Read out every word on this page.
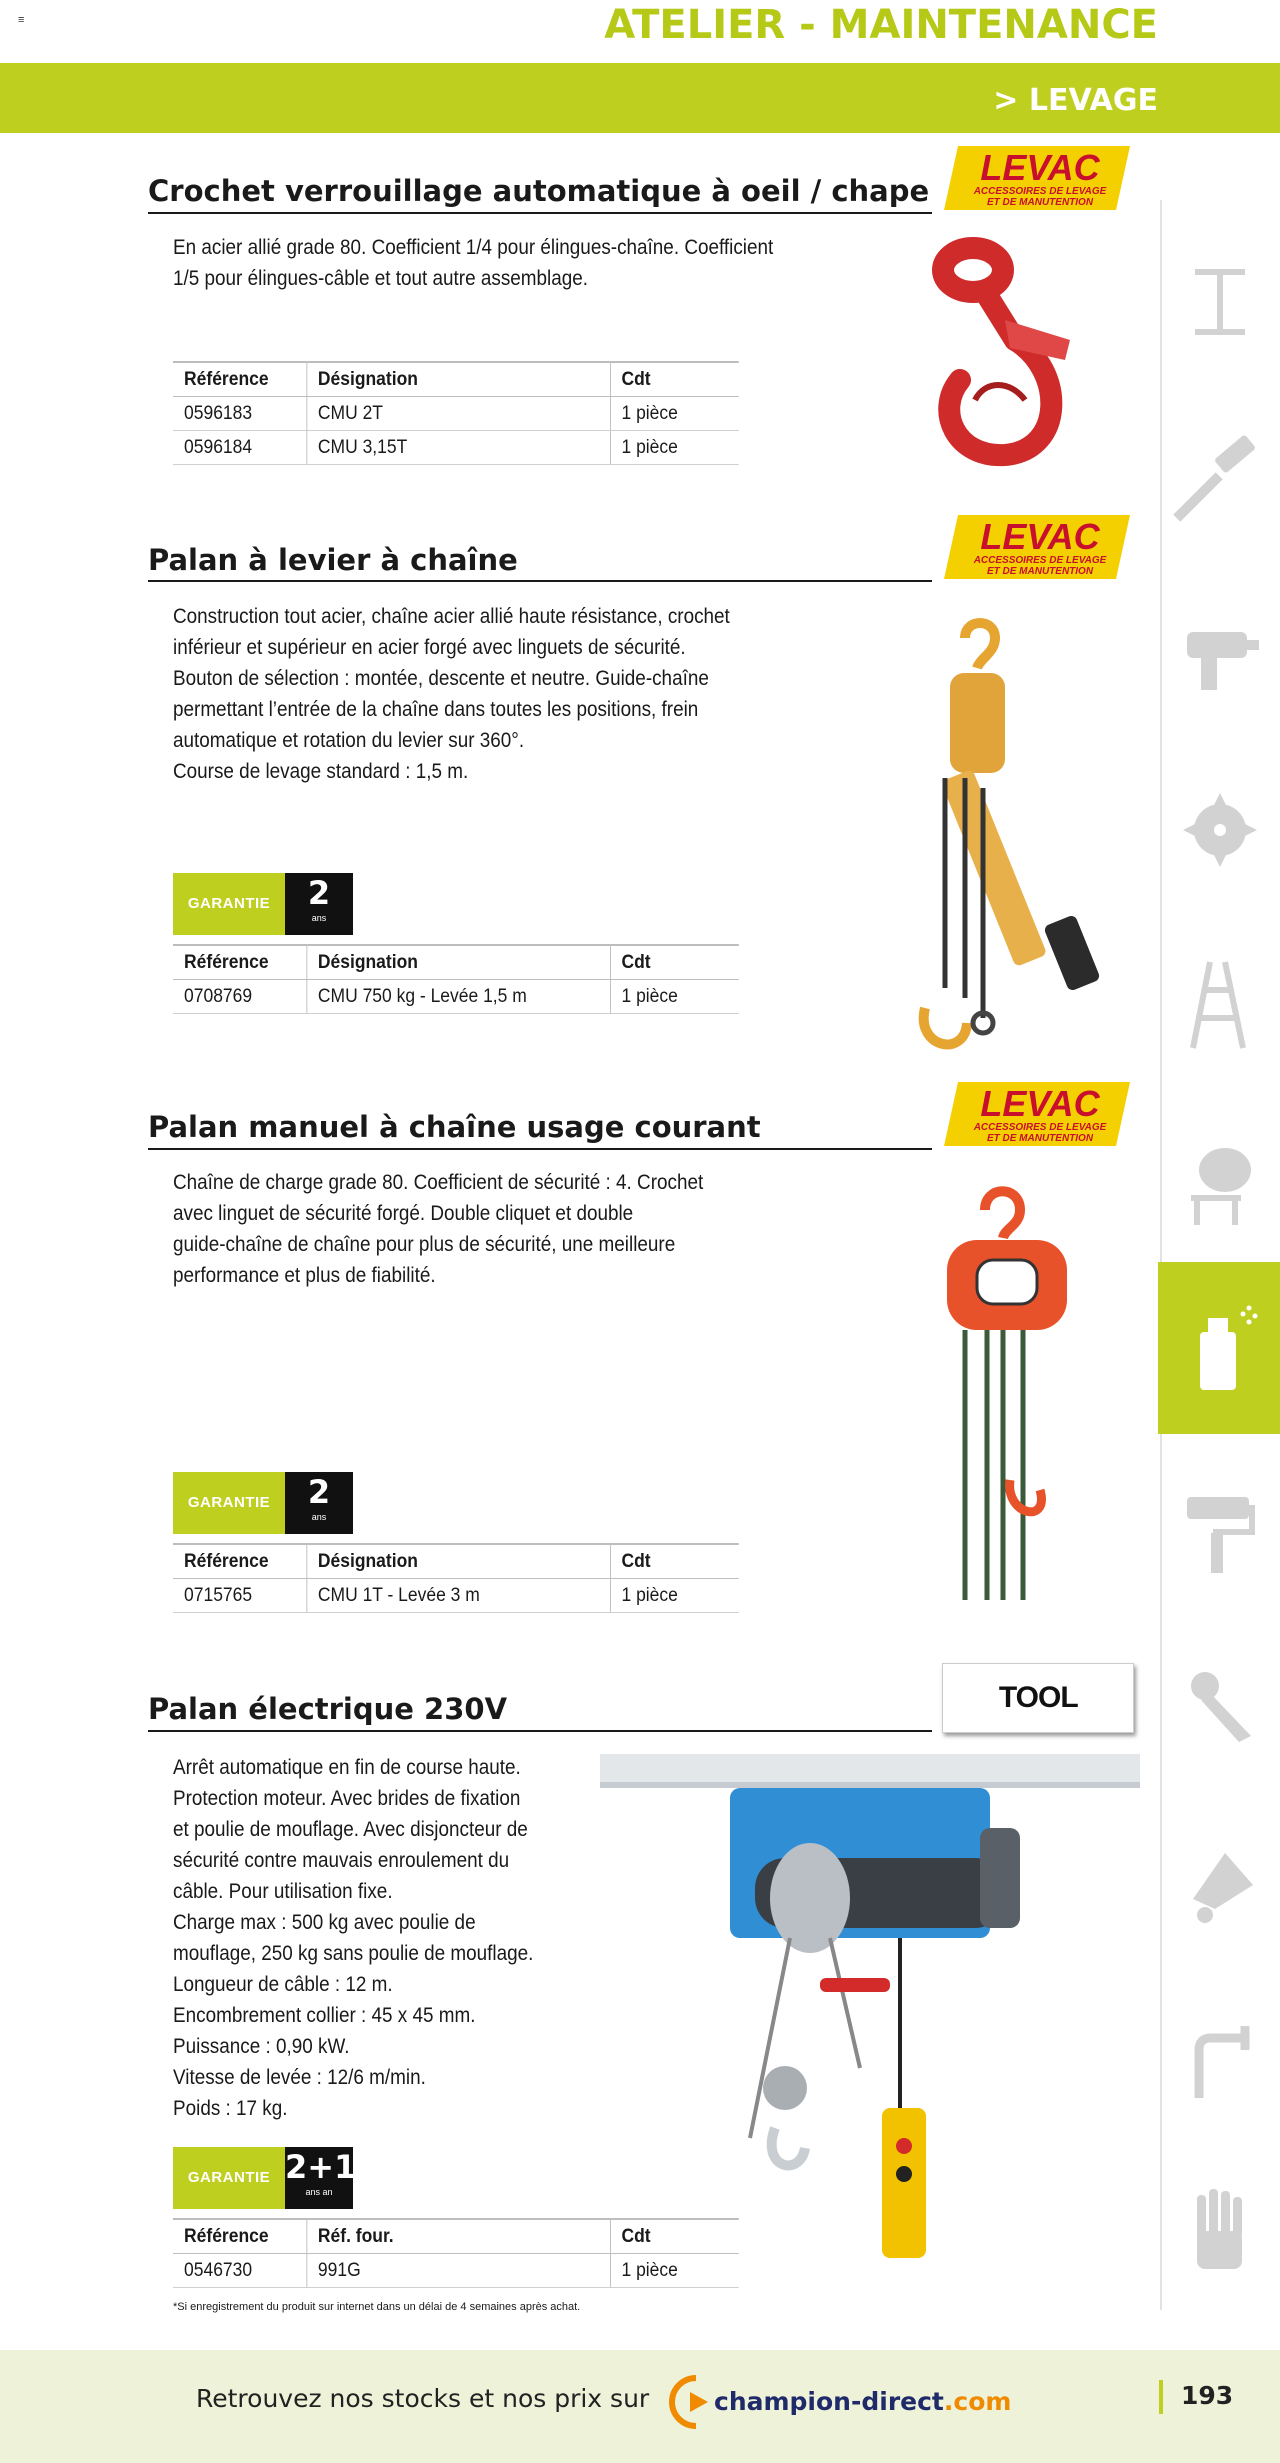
≡	ATELIER - MAINTENANCE
> LEVAGE
LEVAC
ACCESSOIRES DE LEVAGE
ET DE MANUTENTION
LEVAC
ACCESSOIRES DE LEVAGE
ET DE MANUTENTION
LEVAC
ACCESSOIRES DE LEVAGE
ET DE MANUTENTION
Crochet verrouillage automatique à oeil / chape
En acier allié grade 80. Coefficient 1/4 pour élingues-chaîne. Coefficient
1/5 pour élingues-câble et tout autre assemblage.
Référence	Désignation	Cdt
0596183	CMU 2T	1 pièce
0596184	CMU 3,15T	1 pièce
Palan à levier à chaîne
Construction tout acier, chaîne acier allié haute résistance, crochet
inférieur et supérieur en acier forgé avec linguets de sécurité.
Bouton de sélection : montée, descente et neutre. Guide-chaîne
permettant l’entrée de la chaîne dans toutes les positions, frein
automatique et rotation du levier sur 360°.
Course de levage standard : 1,5 m.
GARANTIE	2
ans
Référence	Désignation	Cdt
0708769	CMU 750 kg - Levée 1,5 m	1 pièce
Palan manuel à chaîne usage courant
Chaîne de charge grade 80. Coefficient de sécurité : 4. Crochet
avec linguet de sécurité forgé. Double cliquet et double
guide-chaîne de chaîne pour plus de sécurité, une meilleure
performance et plus de fiabilité.
GARANTIE	2
ans
Référence	Désignation	Cdt
0715765	CMU 1T - Levée 3 m	1 pièce
TOOL
Palan électrique 230V
Arrêt automatique en fin de course haute.
Protection moteur. Avec brides de fixation
et poulie de mouflage. Avec disjoncteur de
sécurité contre mauvais enroulement du
câble. Pour utilisation fixe.
Charge max : 500 kg avec poulie de
mouflage, 250 kg sans poulie de mouflage.
Longueur de câble : 12 m.
Encombrement collier : 45 x 45 mm.
Puissance : 0,90 kW.
Vitesse de levée : 12/6 m/min.
Poids : 17 kg.
GARANTIE 2+1*
ans an
Référence	Réf. four.	Cdt
0546730	991G	1 pièce
*Si enregistrement du produit sur internet dans un délai de 4 semaines après achat.
Retrouvez nos stocks et nos prix sur	champion-direct.com	193
